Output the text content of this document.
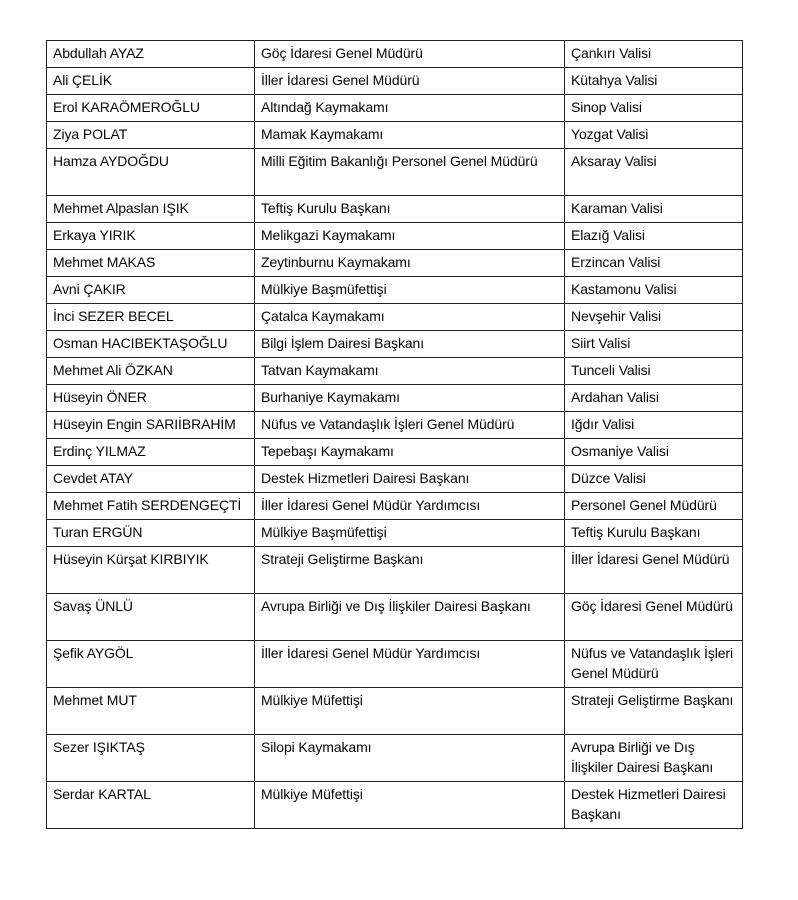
Abdullah AYAZ	Göç İdaresi Genel Müdürü	Çankırı Valisi

Ali ÇELİK	İller İdaresi Genel Müdürü	Kütahya Valisi

Erol KARAÖMEROĞLU	Altındağ Kaymakamı	Sinop Valisi

Ziya POLAT	Mamak Kaymakamı	Yozgat Valisi

Hamza AYDOĞDU	Milli Eğitim Bakanlığı Personel Genel Müdürü	Aksaray Valisi

Mehmet Alpaslan IŞIK	Teftiş Kurulu Başkanı	Karaman Valisi

Erkaya YIRIK	Melikgazi Kaymakamı	Elazığ Valisi

Mehmet MAKAS	Zeytinburnu Kaymakamı	Erzincan Valisi

Avni ÇAKIR	Mülkiye Başmüfettişi	Kastamonu Valisi

İnci SEZER BECEL	Çatalca Kaymakamı	Nevşehir Valisi

Osman HACIBEKTAŞOĞLU	Bilgi İşlem Dairesi Başkanı	Siirt Valisi

Mehmet Ali ÖZKAN	Tatvan Kaymakamı	Tunceli Valisi

Hüseyin ÖNER	Burhaniye Kaymakamı	Ardahan Valisi

Hüseyin Engin SARIİBRAHİM	Nüfus ve Vatandaşlık İşleri Genel Müdürü	Iğdır Valisi

Erdinç YILMAZ	Tepebaşı Kaymakamı	Osmaniye Valisi

Cevdet ATAY	Destek Hizmetleri Dairesi Başkanı	Düzce Valisi

Mehmet Fatih SERDENGEÇTİ	İller İdaresi Genel Müdür Yardımcısı	Personel Genel Müdürü

Turan ERGÜN	Mülkiye Başmüfettişi	Teftiş Kurulu Başkanı

Hüseyin Kürşat KIRBIYIK	Strateji Geliştirme Başkanı	İller İdaresi Genel Müdürü

Savaş ÜNLÜ	Avrupa Birliği ve Dış İlişkiler Dairesi Başkanı	Göç İdaresi Genel Müdürü

Şefik AYGÖL	İller İdaresi Genel Müdür Yardımcısı	Nüfus ve Vatandaşlık İşleri Genel Müdürü

Mehmet MUT	Mülkiye Müfettişi	Strateji Geliştirme Başkanı

Sezer IŞIKTAŞ	Silopi Kaymakamı	Avrupa Birliği ve Dış İlişkiler Dairesi Başkanı

Serdar KARTAL	Mülkiye Müfettişi	Destek Hizmetleri Dairesi Başkanı
